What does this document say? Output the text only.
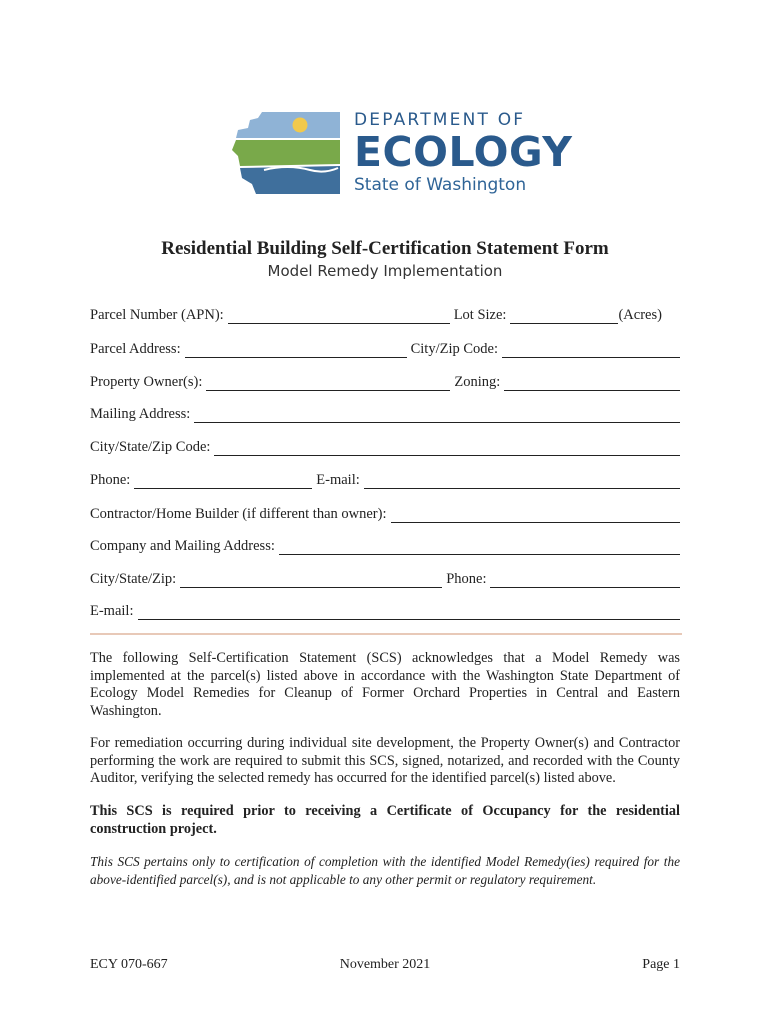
DEPARTMENT OF
ECOLOGY
State of Washington
Residential Building Self-Certification Statement Form
Model Remedy Implementation
Parcel Number (APN):	Lot Size:	(Acres)
Parcel Address:	City/Zip Code:
Property Owner(s):	Zoning:
Mailing Address:
City/State/Zip Code:
Phone:	E-mail:
Contractor/Home Builder (if different than owner):
Company and Mailing Address:
City/State/Zip:	Phone:
E-mail:
The following Self-Certification Statement (SCS) acknowledges that a Model Remedy was implemented at the parcel(s) listed above in accordance with the Washington State Department of Ecology Model Remedies for Cleanup of Former Orchard Properties in Central and Eastern Washington.
For remediation occurring during individual site development, the Property Owner(s) and Contractor performing the work are required to submit this SCS, signed, notarized, and recorded with the County Auditor, verifying the selected remedy has occurred for the identified parcel(s) listed above.
This SCS is required prior to receiving a Certificate of Occupancy for the residential construction project.
This SCS pertains only to certification of completion with the identified Model Remedy(ies) required for the above-identified parcel(s), and is not applicable to any other permit or regulatory requirement.
ECY 070-667	November 2021	Page 1
